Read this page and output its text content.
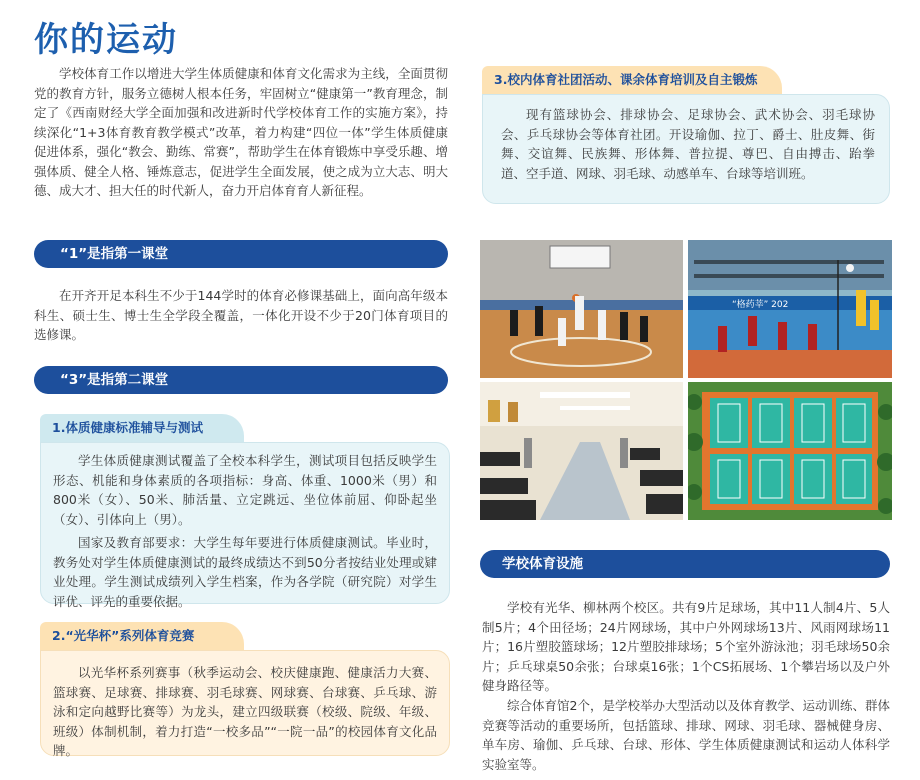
你的运动

学校体育工作以增进大学生体质健康和体育文化需求为主线，全面贯彻党的教育方针，服务立德树人根本任务，牢固树立“健康第一”教育理念，制定了《西南财经大学全面加强和改进新时代学校体育工作的实施方案》，持续深化“1+3体育教育教学模式”改革，着力构建“四位一体”学生体质健康促进体系，强化“教会、勤练、常赛”，帮助学生在体育锻炼中享受乐趣、增强体质、健全人格、锤炼意志，促进学生全面发展，使之成为立大志、明大德、成大才、担大任的时代新人，奋力开启体育育人新征程。

“1”是指第一课堂

在开齐开足本科生不少于144学时的体育必修课基础上，面向高年级本科生、硕士生、博士生全学段全覆盖，一体化开设不少于20门体育项目的选修课。

“3”是指第二课堂
1.体质健康标准辅导与测试

学生体质健康测试覆盖了全校本科学生，测试项目包括反映学生形态、机能和身体素质的各项指标：身高、体重、1000米（男）和800米（女）、50米、肺活量、立定跳远、坐位体前屈、仰卧起坐（女）、引体向上（男）。

国家及教育部要求：大学生每年要进行体质健康测试。毕业时，教务处对学生体质健康测试的最终成绩达不到50分者按结业处理或肄业处理。学生测试成绩列入学生档案，作为各学院（研究院）对学生评优、评先的重要依据。

2.“光华杯”系列体育竞赛

以光华杯系列赛事（秋季运动会、校庆健康跑、健康活力大赛、篮球赛、足球赛、排球赛、羽毛球赛、网球赛、台球赛、乒乓球、游泳和定向越野比赛等）为龙头，建立四级联赛（校级、院级、年级、班级）体制机制，着力打造“一校多品”“一院一品”的校园体育文化品牌。

3.校内体育社团活动、课余体育培训及自主锻炼

现有篮球协会、排球协会、足球协会、武术协会、羽毛球协会、乒乓球协会等体育社团。开设瑜伽、拉丁、爵士、肚皮舞、街舞、交谊舞、民族舞、形体舞、普拉提、尊巴、自由搏击、跆拳道、空手道、网球、羽毛球、动感单车、台球等培训班。

“格药莘” 202
学校体育设施

学校有光华、柳林两个校区。共有9片足球场，其中11人制4片、5人制5片；4个田径场；24片网球场，其中户外网球场13片、风雨网球场11片；16片塑胶篮球场；12片塑胶排球场；5个室外游泳池；羽毛球场50余片；乒乓球桌50余张；台球桌16张；1个CS拓展场、1个攀岩场以及户外健身路径等。

综合体育馆2个，是学校举办大型活动以及体育教学、运动训练、群体竞赛等活动的重要场所，包括篮球、排球、网球、羽毛球、器械健身房、单车房、瑜伽、乒乓球、台球、形体、学生体质健康测试和运动人体科学实验室等。
